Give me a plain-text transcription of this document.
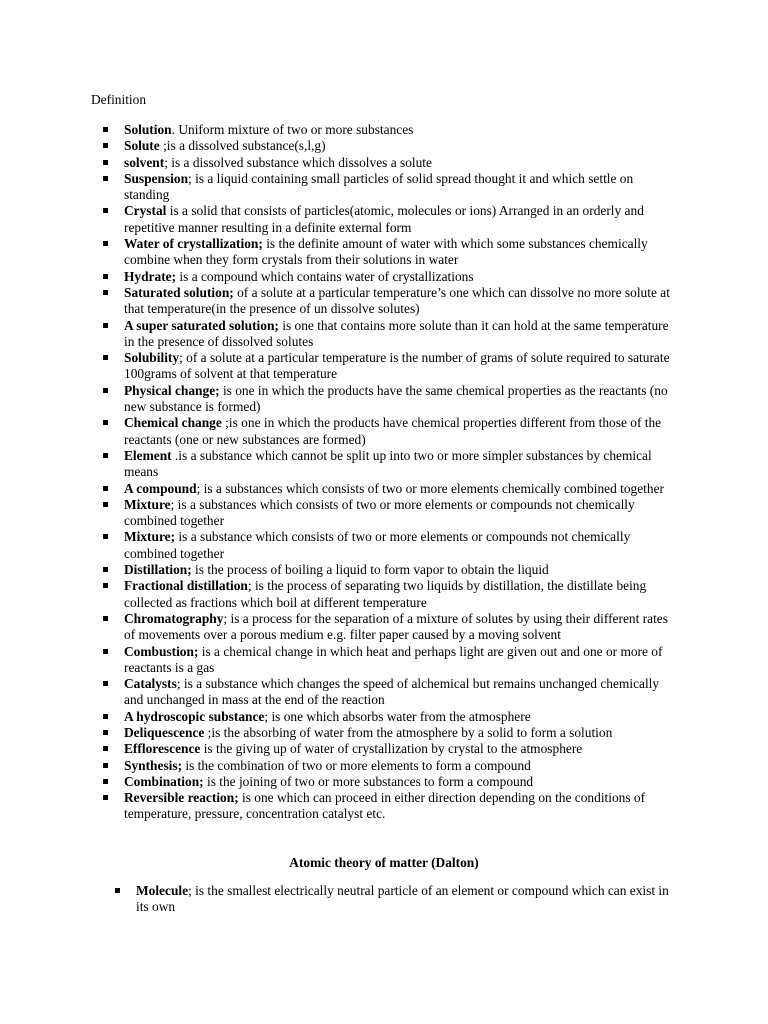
Definition
Solution. Uniform mixture of two or more substances
Solute ;is a dissolved substance(s,l,g)
solvent; is a dissolved substance which dissolves a solute
Suspension; is a liquid containing small particles of solid spread thought it and which settle on standing
Crystal is a solid that consists of particles(atomic, molecules or ions) Arranged in an orderly and repetitive manner resulting in a definite external form
Water of crystallization; is the definite amount of water with which some substances chemically combine when they form crystals from their solutions in water
Hydrate; is a compound which contains water of crystallizations
Saturated solution; of a solute at a particular temperature’s one which can dissolve no more solute at that temperature(in the presence of un dissolve solutes)
A super saturated solution; is one that contains more solute than it can hold at the same temperature in the presence of dissolved solutes
Solubility; of a solute at a particular temperature is the number of grams of solute required to saturate 100grams of solvent at that temperature
Physical change; is one in which the products have the same chemical properties as the reactants (no new substance is formed)
Chemical change ;is one in which the products have chemical properties different from those of the reactants (one or new substances are formed)
Element .is a substance which cannot be split up into two or more simpler substances by chemical means
A compound; is a substances which consists of two or more elements chemically combined together
Mixture; is a substances which consists of two or more elements or compounds not chemically combined together
Mixture; is a substance which consists of two or more elements or compounds not chemically combined together
Distillation; is the process of boiling a liquid to form vapor to obtain the liquid
Fractional distillation; is the process of separating two liquids by distillation, the distillate being collected as fractions which boil at different temperature
Chromatography; is a process for the separation of a mixture of solutes by using their different rates of movements over a porous medium e.g. filter paper caused by a moving solvent
Combustion; is a chemical change in which heat and perhaps light are given out and one or more of reactants is a gas
Catalysts; is a substance which changes the speed of alchemical but remains unchanged chemically and unchanged in mass at the end of the reaction
A hydroscopic substance; is one which absorbs water from the atmosphere
Deliquescence ;is the absorbing of water from the atmosphere by a solid to form a solution
Efflorescence is the giving up of water of crystallization by crystal to the atmosphere
Synthesis; is the combination of two or more elements to form a compound
Combination; is the joining of two or more substances to form a compound
Reversible reaction; is one which can proceed in either direction depending on the conditions of temperature, pressure, concentration catalyst etc.
Atomic theory of matter (Dalton)
Molecule; is the smallest electrically neutral particle of an element or compound which can exist in its own
